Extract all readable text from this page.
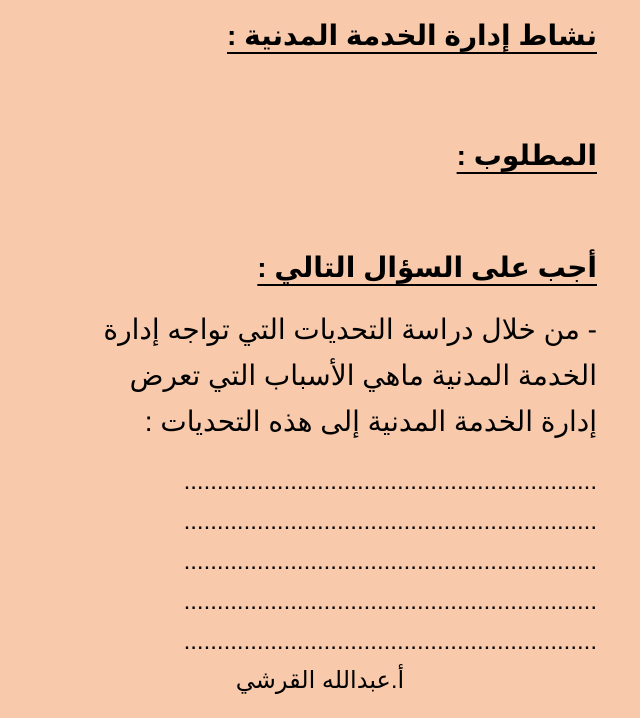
نشاط إدارة الخدمة المدنية :
المطلوب :
أجب على السؤال التالي :

- من خلال دراسة التحديات التي تواجه إدارة
الخدمة المدنية ماهي الأسباب التي تعرض
إدارة الخدمة المدنية إلى هذه التحديات :

..............................................................
..............................................................
..............................................................
..............................................................
..............................................................
أ.عبدالله القرشي
